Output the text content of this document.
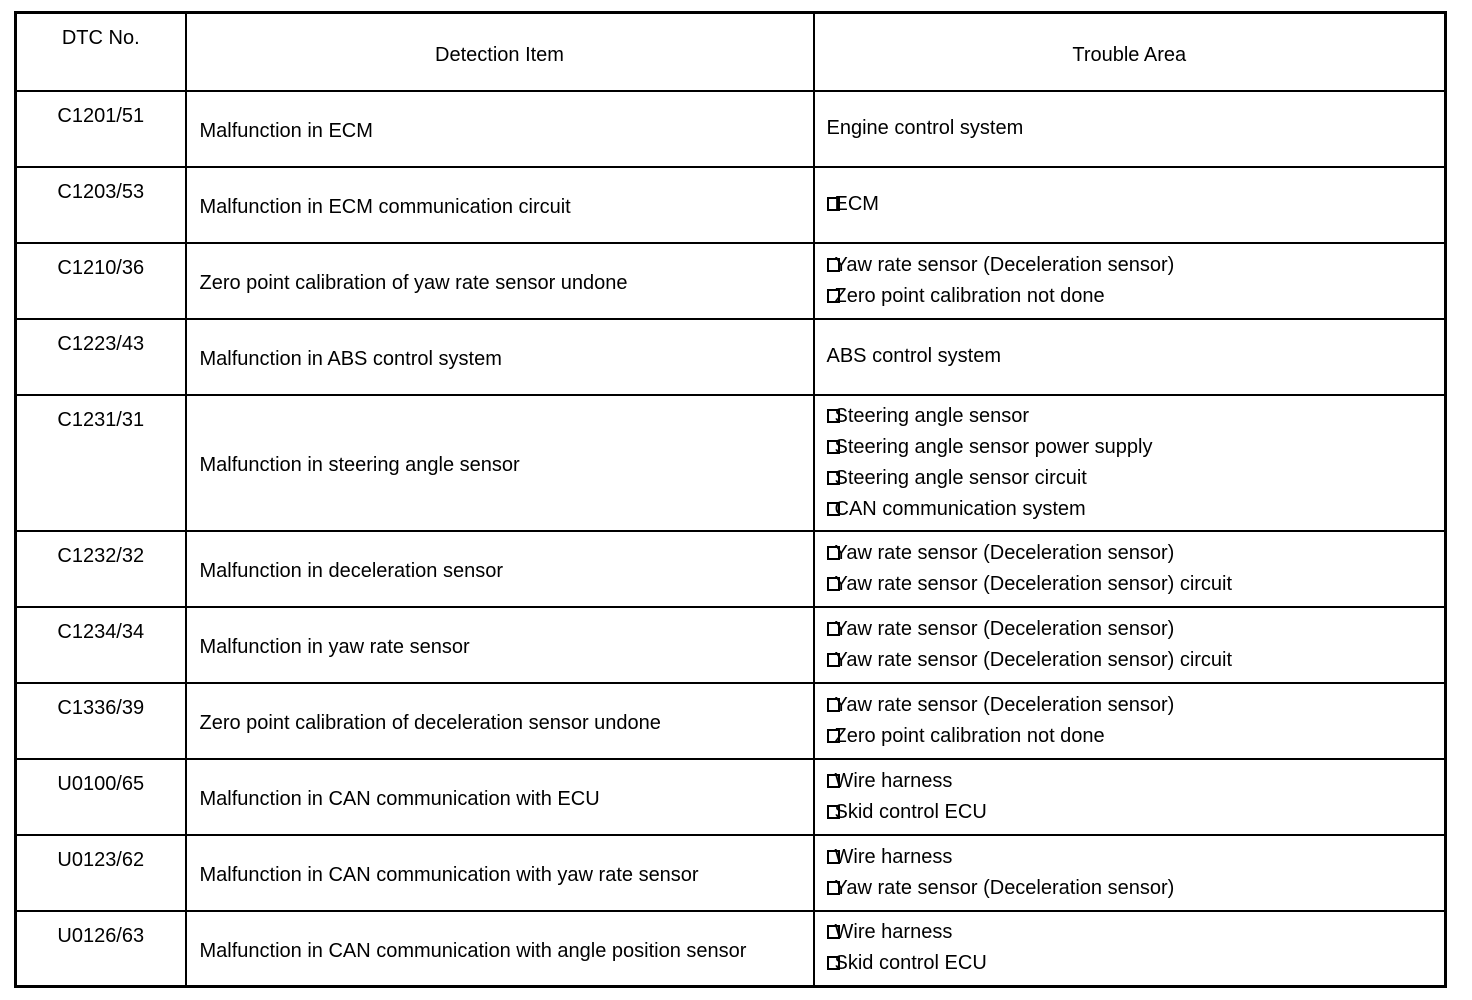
DTC No.	Detection Item	Trouble Area
C1201/51	Malfunction in ECM	Engine control system

C1203/53	Malfunction in ECM communication circuit	ECM

C1210/36	Zero point calibration of yaw rate sensor undone	Yaw rate sensor (Deceleration sensor)
Zero point calibration not done

C1223/43	Malfunction in ABS control system	ABS control system

C1231/31	Malfunction in steering angle sensor	Steering angle sensor
Steering angle sensor power supply
Steering angle sensor circuit
CAN communication system

C1232/32	Malfunction in deceleration sensor	Yaw rate sensor (Deceleration sensor)
Yaw rate sensor (Deceleration sensor) circuit

C1234/34	Malfunction in yaw rate sensor	Yaw rate sensor (Deceleration sensor)
Yaw rate sensor (Deceleration sensor) circuit

C1336/39	Zero point calibration of deceleration sensor undone	Yaw rate sensor (Deceleration sensor)
Zero point calibration not done

U0100/65	Malfunction in CAN communication with ECU	Wire harness
Skid control ECU

U0123/62	Malfunction in CAN communication with yaw rate sensor	Wire harness
Yaw rate sensor (Deceleration sensor)

U0126/63	Malfunction in CAN communication with angle position sensor	Wire harness
Skid control ECU
